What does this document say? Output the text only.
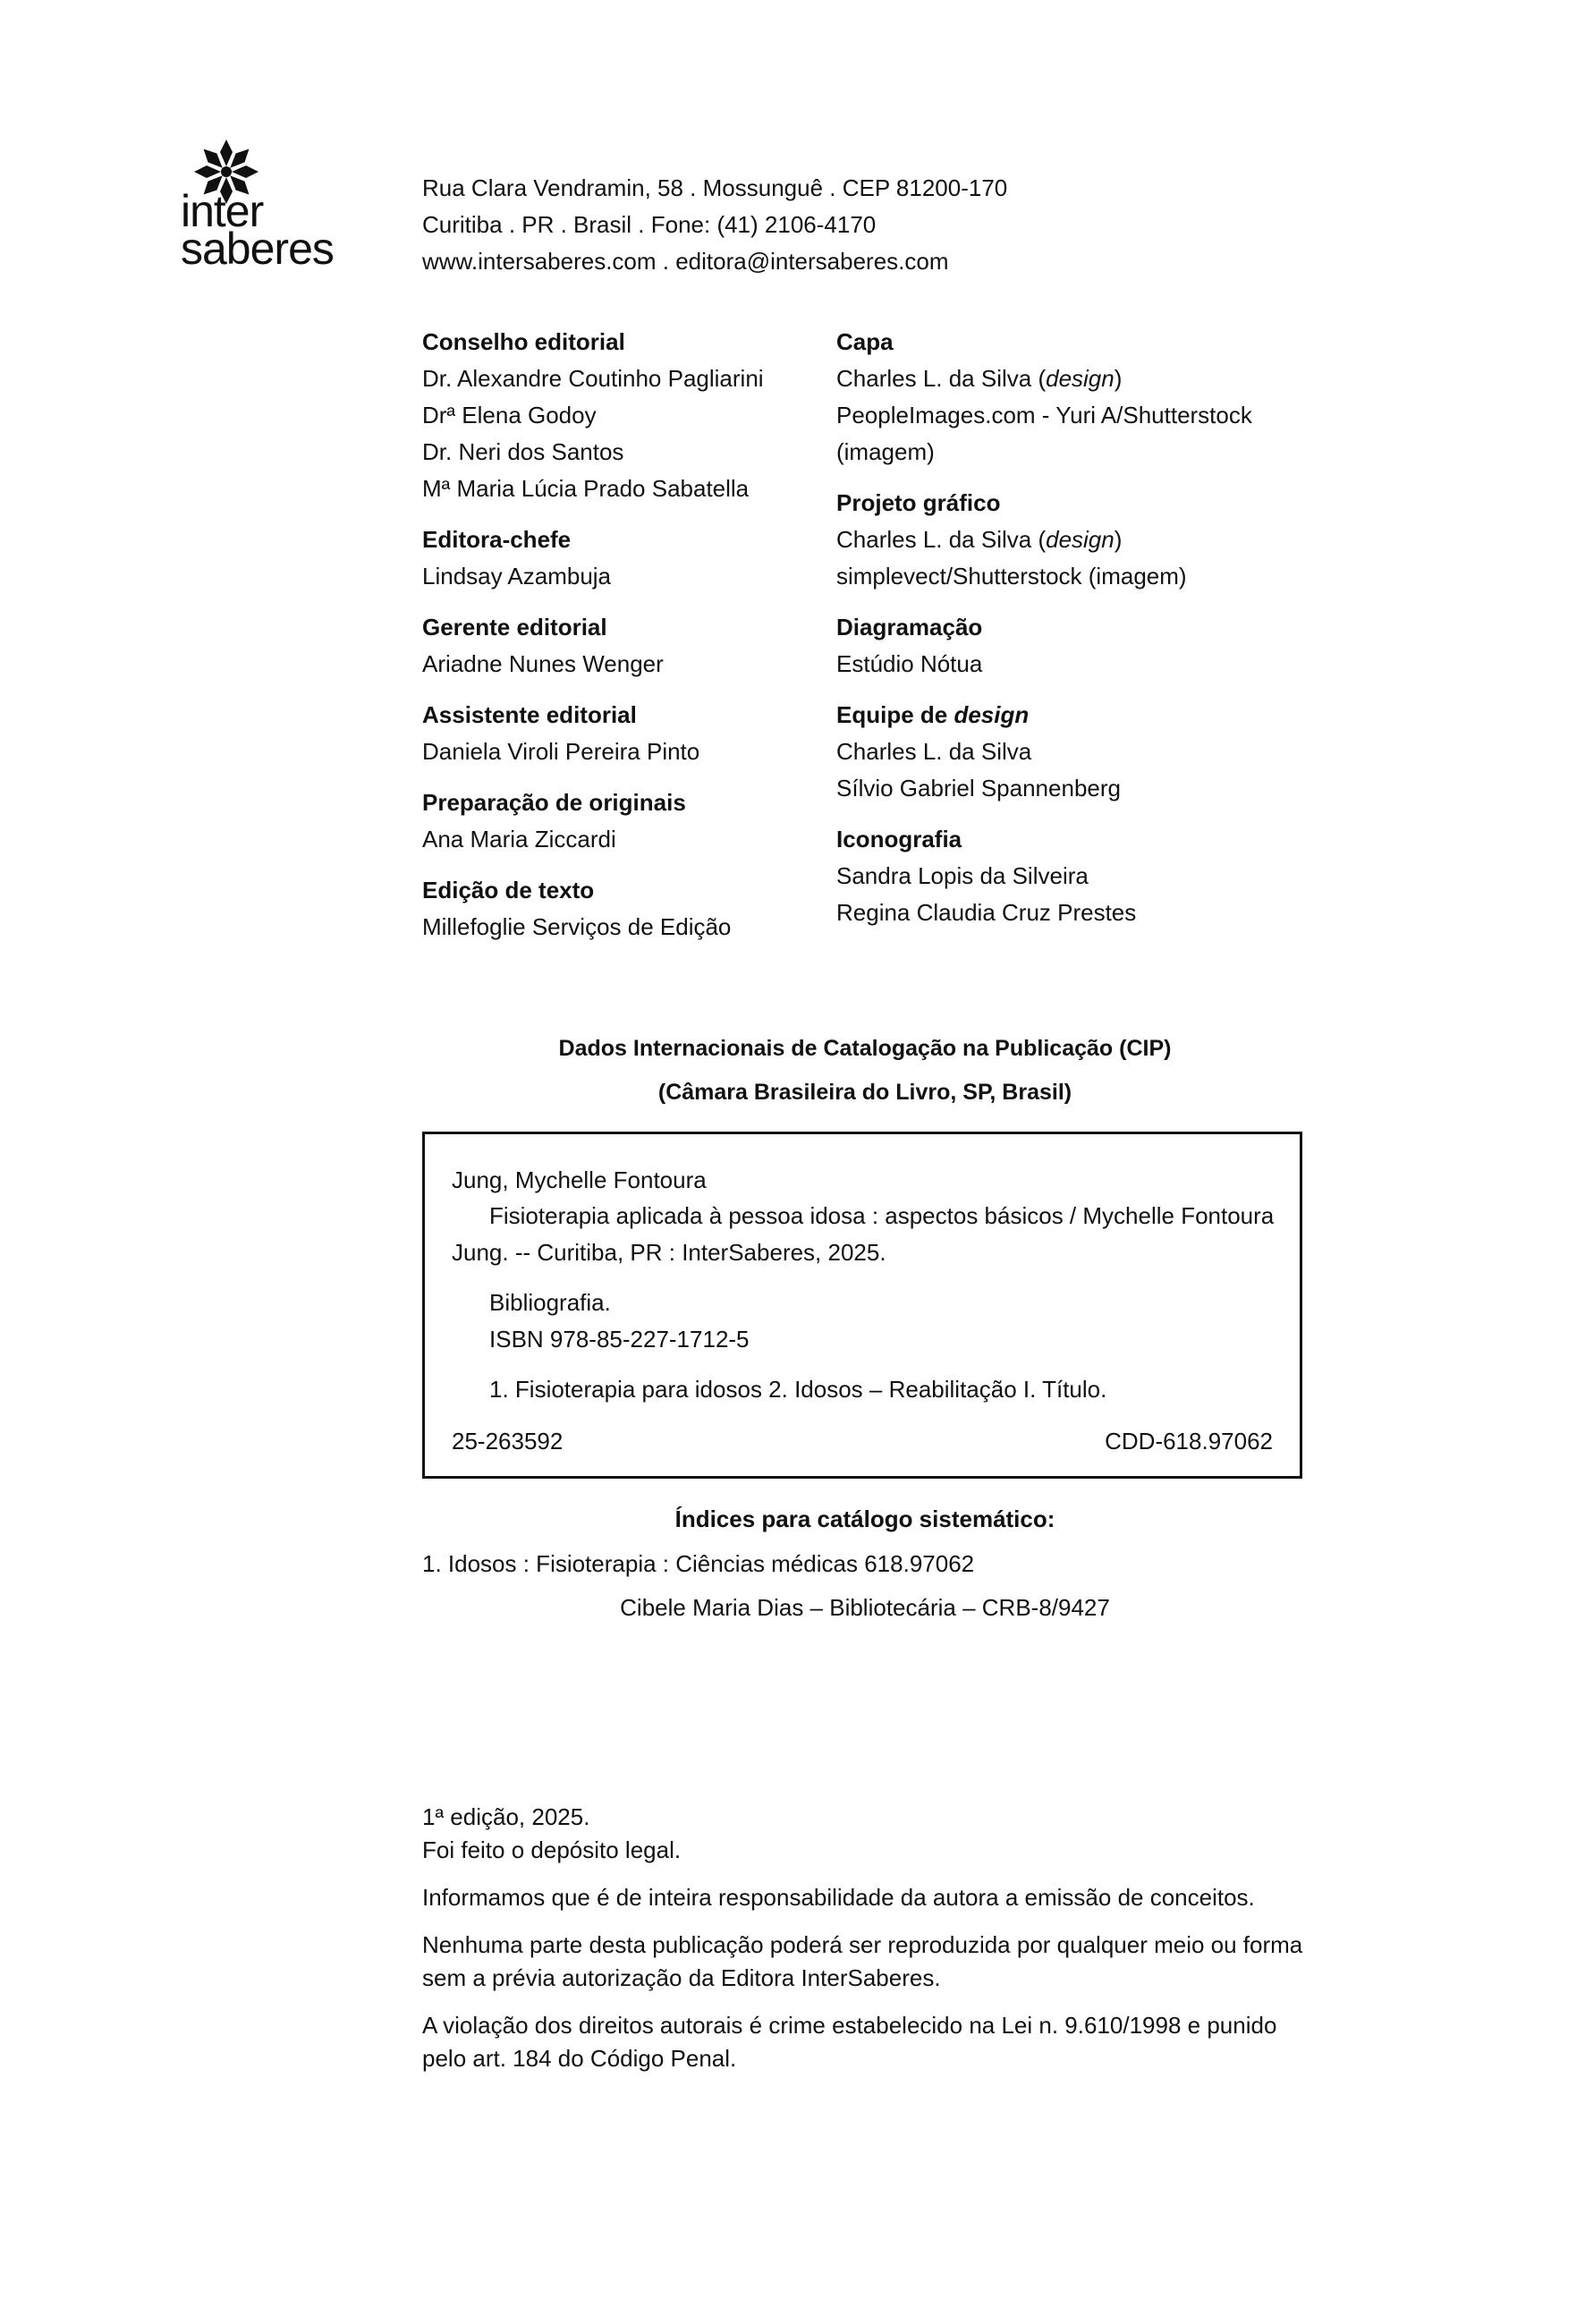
inter
saberes
Rua Clara Vendramin, 58 . Mossunguê . CEP 81200-170
Curitiba . PR . Brasil . Fone: (41) 2106-4170
www.intersaberes.com . editora@intersaberes.com
Conselho editorial
Dr. Alexandre Coutinho Pagliarini
Drª Elena Godoy
Dr. Neri dos Santos
Mª Maria Lúcia Prado Sabatella
Editora-chefe
Lindsay Azambuja
Gerente editorial
Ariadne Nunes Wenger
Assistente editorial
Daniela Viroli Pereira Pinto
Preparação de originais
Ana Maria Ziccardi
Edição de texto
Millefoglie Serviços de Edição
Capa
Charles L. da Silva (design)
PeopleImages.com - Yuri A/Shutterstock (imagem)
Projeto gráfico
Charles L. da Silva (design)
simplevect/Shutterstock (imagem)
Diagramação
Estúdio Nótua
Equipe de design
Charles L. da Silva
Sílvio Gabriel Spannenberg
Iconografia
Sandra Lopis da Silveira
Regina Claudia Cruz Prestes
Dados Internacionais de Catalogação na Publicação (CIP)
(Câmara Brasileira do Livro, SP, Brasil)
Jung, Mychelle Fontoura
Fisioterapia aplicada à pessoa idosa : aspectos básicos / Mychelle Fontoura
Jung. -- Curitiba, PR : InterSaberes, 2025.
Bibliografia.
ISBN 978-85-227-1712-5
1. Fisioterapia para idosos 2. Idosos – Reabilitação I. Título.
25-263592	CDD-618.97062
Índices para catálogo sistemático:
1. Idosos : Fisioterapia : Ciências médicas 618.97062
Cibele Maria Dias – Bibliotecária – CRB-8/9427

1ª edição, 2025.

Foi feito o depósito legal.

Informamos que é de inteira responsabilidade da autora a emissão de conceitos.

Nenhuma parte desta publicação poderá ser reproduzida por qualquer meio ou forma sem a prévia autorização da Editora InterSaberes.

A violação dos direitos autorais é crime estabelecido na Lei n. 9.610/1998 e punido pelo art. 184 do Código Penal.
